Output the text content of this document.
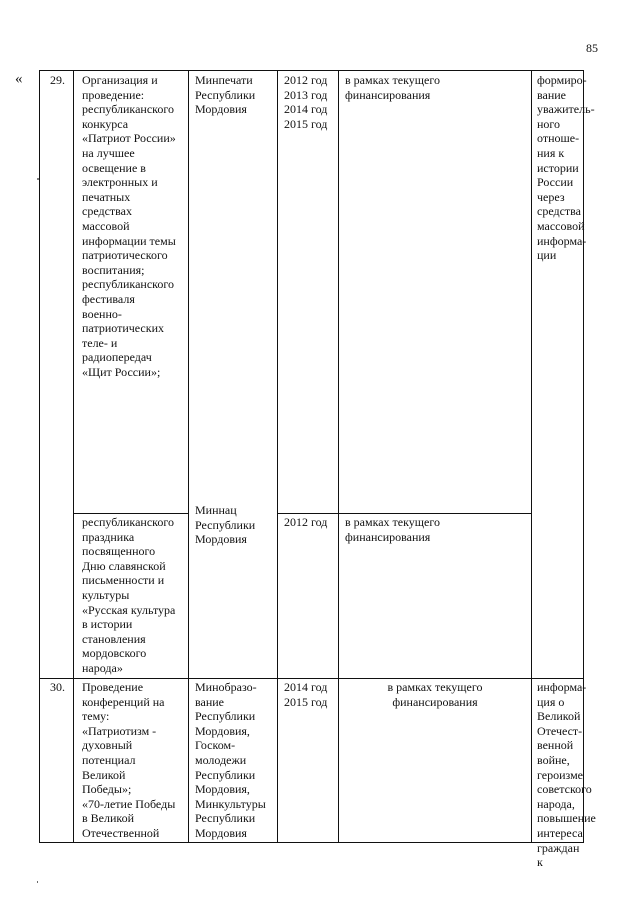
85
« 29. Организация и
проведение:
республиканского
конкурса
«Патриот России»
на лучшее
освещение в
электронных и
печатных
средствах
массовой
информации темы
патриотического
воспитания;
республиканского
фестиваля
военно-
патриотических
теле- и
радиопередач
«Щит России»;
Минпечати
Республики
Мордовия
2012 год
2013 год
2014 год
2015 год
в рамках текущего
финансирования
формиро-
вание
уважитель-
ного
отноше-
ния к
истории
России
через
средства
массовой
информа-
ции
республиканского
праздника
посвященного
Дню славянской
письменности и
культуры
«Русская культура
в истории
становления
мордовского
народа»
Миннац
Республики
Мордовия
2012 год	в рамках текущего
финансирования
30. Проведение
конференций на
тему:
«Патриотизм -
духовный
потенциал
Великой
Победы»;
«70-летие Победы
в Великой
Отечественной
Минобразо-
вание
Республики
Мордовия,
Госком-
молодежи
Республики
Мордовия,
Минкультуры
Республики
Мордовия
2014 год
2015 год
в рамках текущего
финансирования
информа-
ция о
Великой
Отечест-
венной
войне,
героизме
советского
народа,
повышение
интереса
граждан к
